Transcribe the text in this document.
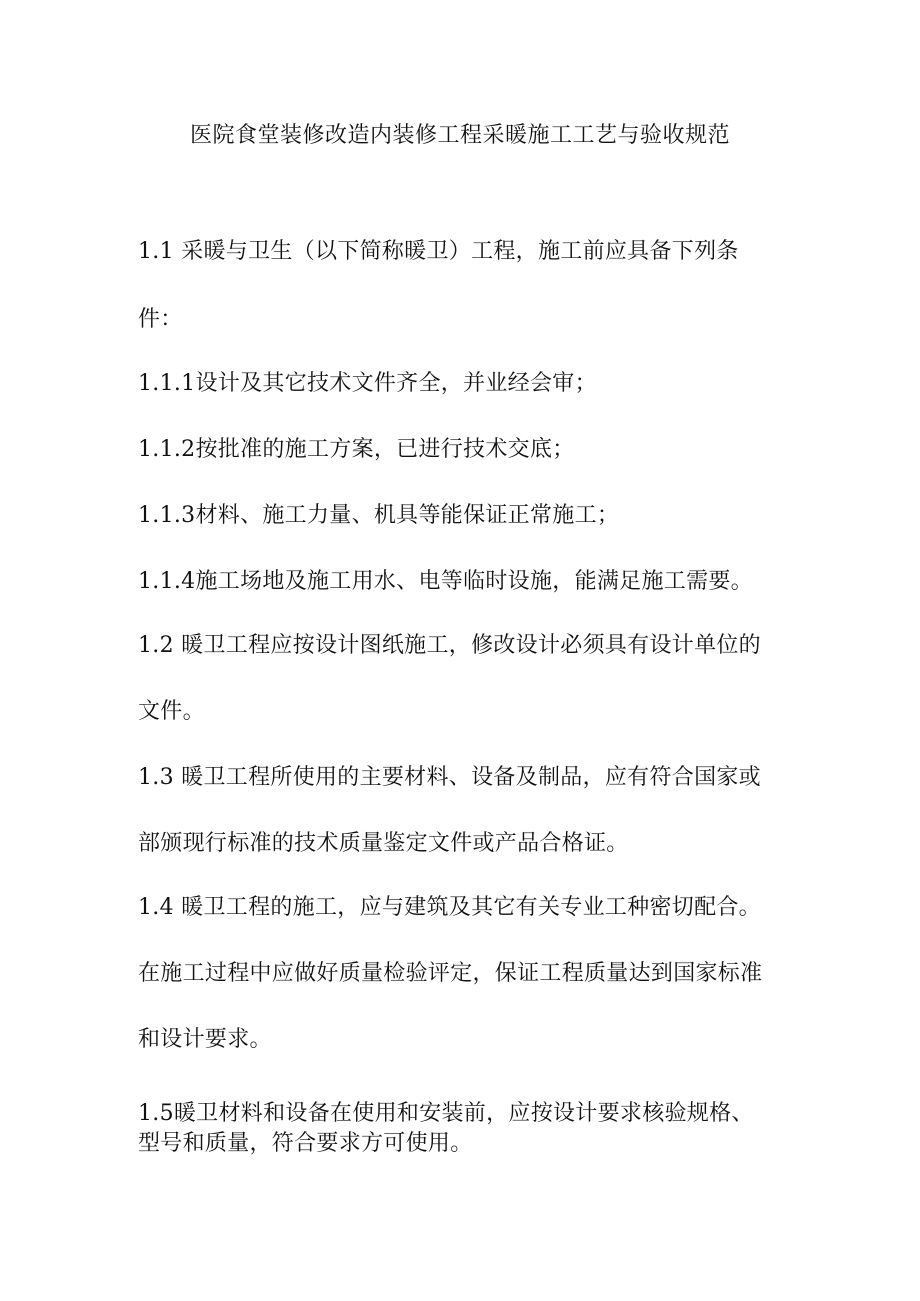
医院食堂装修改造内装修工程采暖施工工艺与验收规范
1.1 采暖与卫生（以下简称暖卫）工程，施工前应具备下列条
件：
1.1.1设计及其它技术文件齐全，并业经会审；
1.1.2按批准的施工方案，已进行技术交底；
1.1.3材料、施工力量、机具等能保证正常施工；
1.1.4施工场地及施工用水、电等临时设施，能满足施工需要。
1.2 暖卫工程应按设计图纸施工，修改设计必须具有设计单位的
文件。
1.3 暖卫工程所使用的主要材料、设备及制品，应有符合国家或
部颁现行标准的技术质量鉴定文件或产品合格证。
1.4 暖卫工程的施工，应与建筑及其它有关专业工种密切配合。
在施工过程中应做好质量检验评定，保证工程质量达到国家标准
和设计要求。
1.5暖卫材料和设备在使用和安装前，应按设计要求核验规格、
型号和质量，符合要求方可使用。
